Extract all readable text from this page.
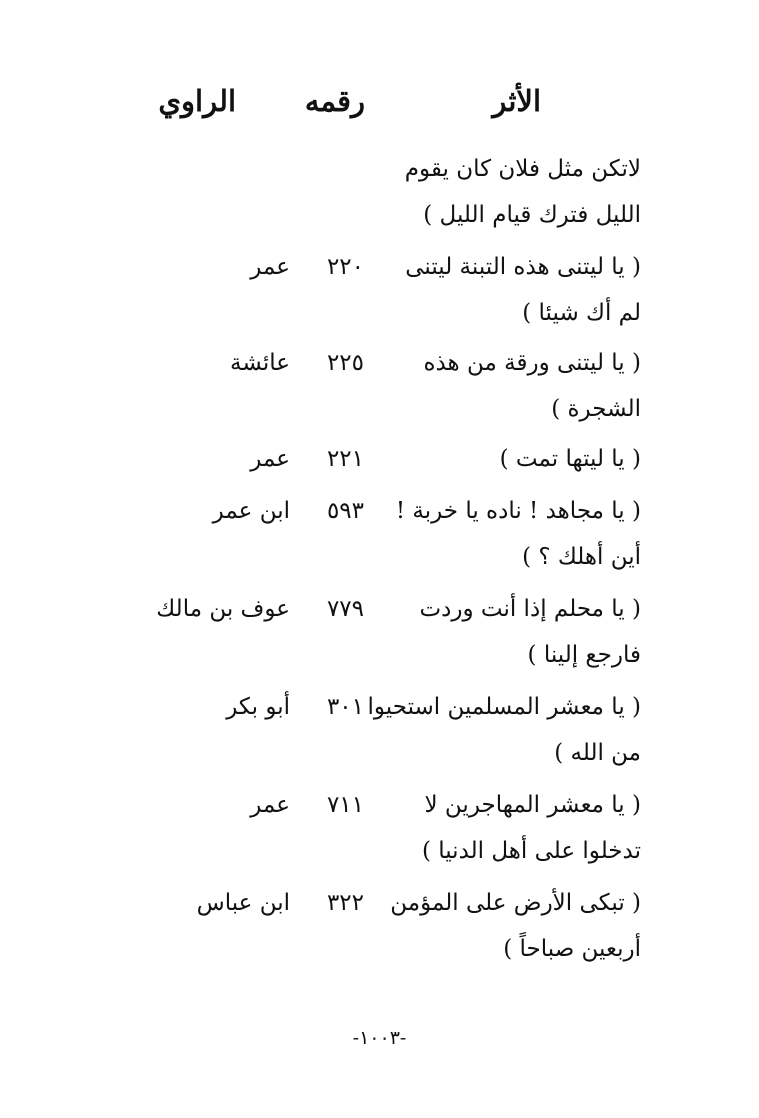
الأثر
رقمه
الراوي
لاتكن مثل فلان كان يقوم
الليل فترك قيام الليل )
( يا ليتنى هذه التبنة ليتنى
لم أك شيئا )
٢٢٠
عمر
( يا ليتنى ورقة من هذه
الشجرة )
٢٢٥
عائشة
( يا ليتها تمت )
٢٢١
عمر
( يا مجاهد ! ناده يا خربة !
أين أهلك ؟ )
٥٩٣
ابن عمر
( يا محلم إذا أنت وردت
فارجع إلينا )
٧٧٩
عوف بن مالك
( يا معشر المسلمين استحيوا
من الله )
٣٠١
أبو بكر
( يا معشر المهاجرين لا
تدخلوا على أهل الدنيا )
٧١١
عمر
( تبكى الأرض على المؤمن
أربعين صباحاً )
٣٢٢
ابن عباس
-١٠٠٣-
